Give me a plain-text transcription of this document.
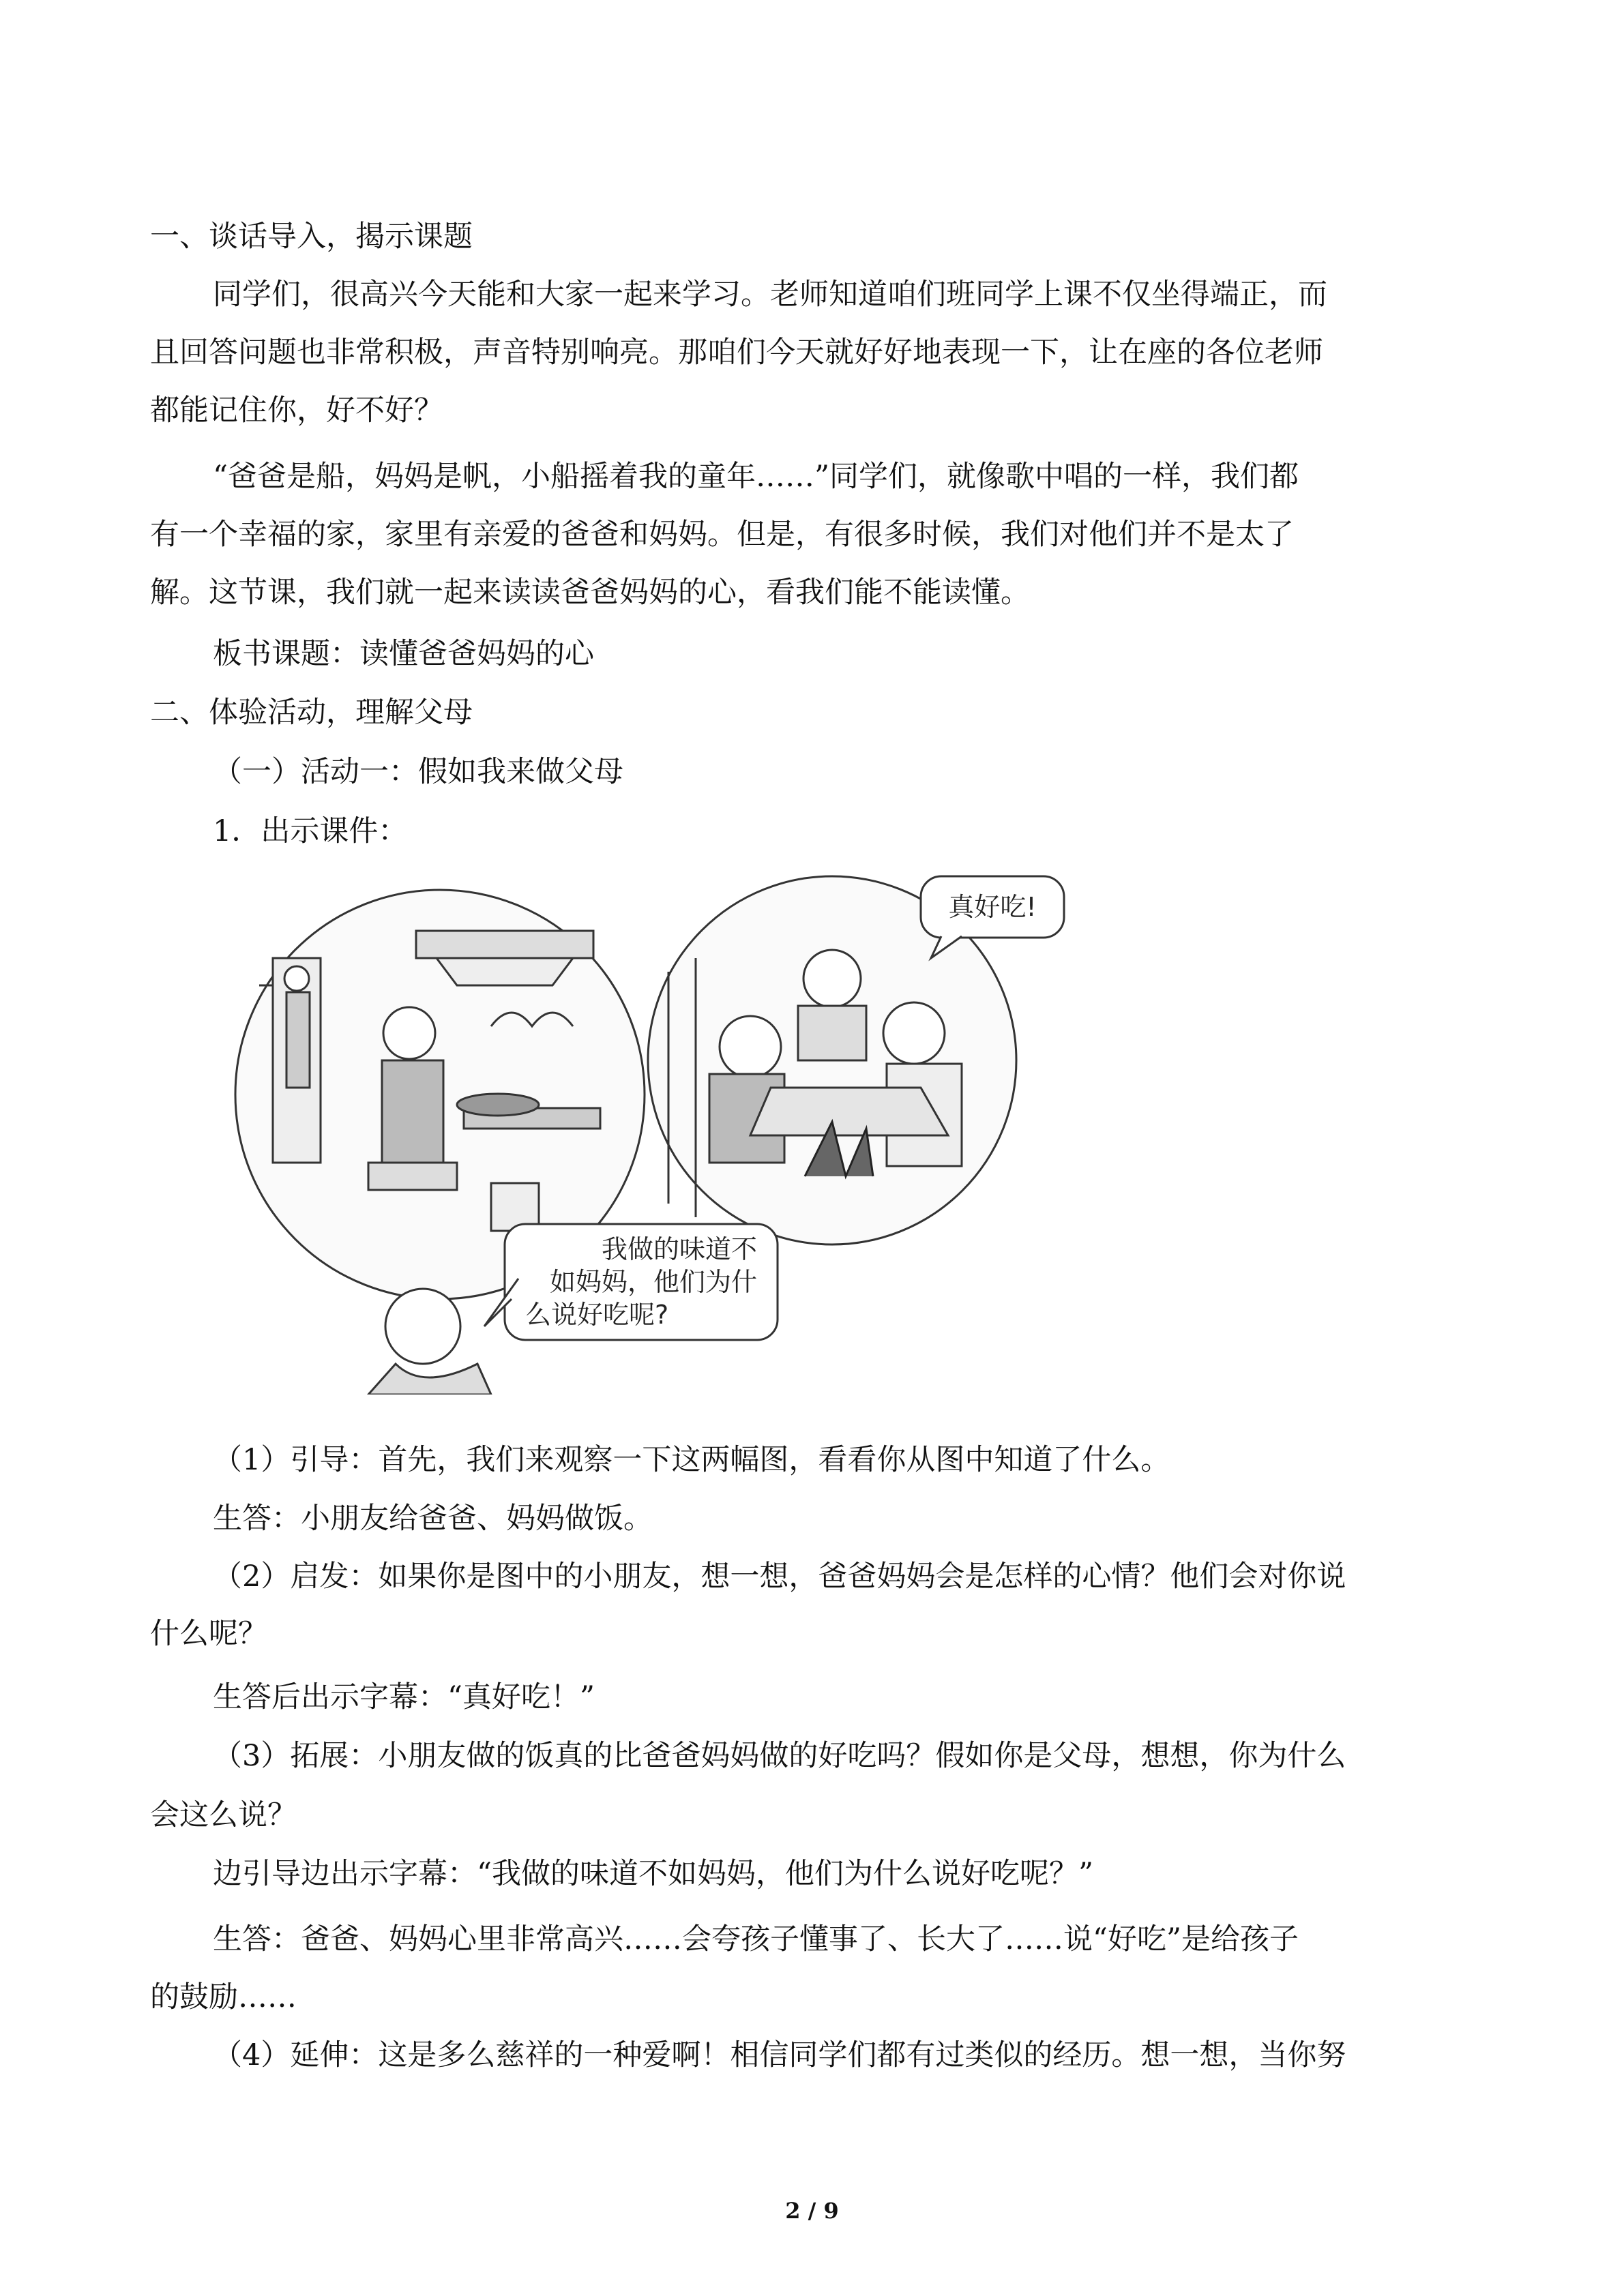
一、谈话导入，揭示课题
同学们，很高兴今天能和大家一起来学习。老师知道咱们班同学上课不仅坐得端正，而
且回答问题也非常积极，声音特别响亮。那咱们今天就好好地表现一下，让在座的各位老师
都能记住你，好不好？
“爸爸是船，妈妈是帆，小船摇着我的童年……”同学们，就像歌中唱的一样，我们都
有一个幸福的家，家里有亲爱的爸爸和妈妈。但是，有很多时候，我们对他们并不是太了
解。这节课，我们就一起来读读爸爸妈妈的心，看我们能不能读懂。
板书课题：读懂爸爸妈妈的心
二、体验活动，理解父母
（一）活动一：假如我来做父母
1．出示课件：
真好吃!
我做的味道不
如妈妈，他们为什
么说好吃呢?
（1）引导：首先，我们来观察一下这两幅图，看看你从图中知道了什么。
生答：小朋友给爸爸、妈妈做饭。
（2）启发：如果你是图中的小朋友，想一想，爸爸妈妈会是怎样的心情？他们会对你说
什么呢？
生答后出示字幕：“真好吃！”
（3）拓展：小朋友做的饭真的比爸爸妈妈做的好吃吗？假如你是父母，想想，你为什么
会这么说？
边引导边出示字幕：“我做的味道不如妈妈，他们为什么说好吃呢？”
生答：爸爸、妈妈心里非常高兴……会夸孩子懂事了、长大了……说“好吃”是给孩子
的鼓励……
（4）延伸：这是多么慈祥的一种爱啊！相信同学们都有过类似的经历。想一想，当你努
2 / 9
